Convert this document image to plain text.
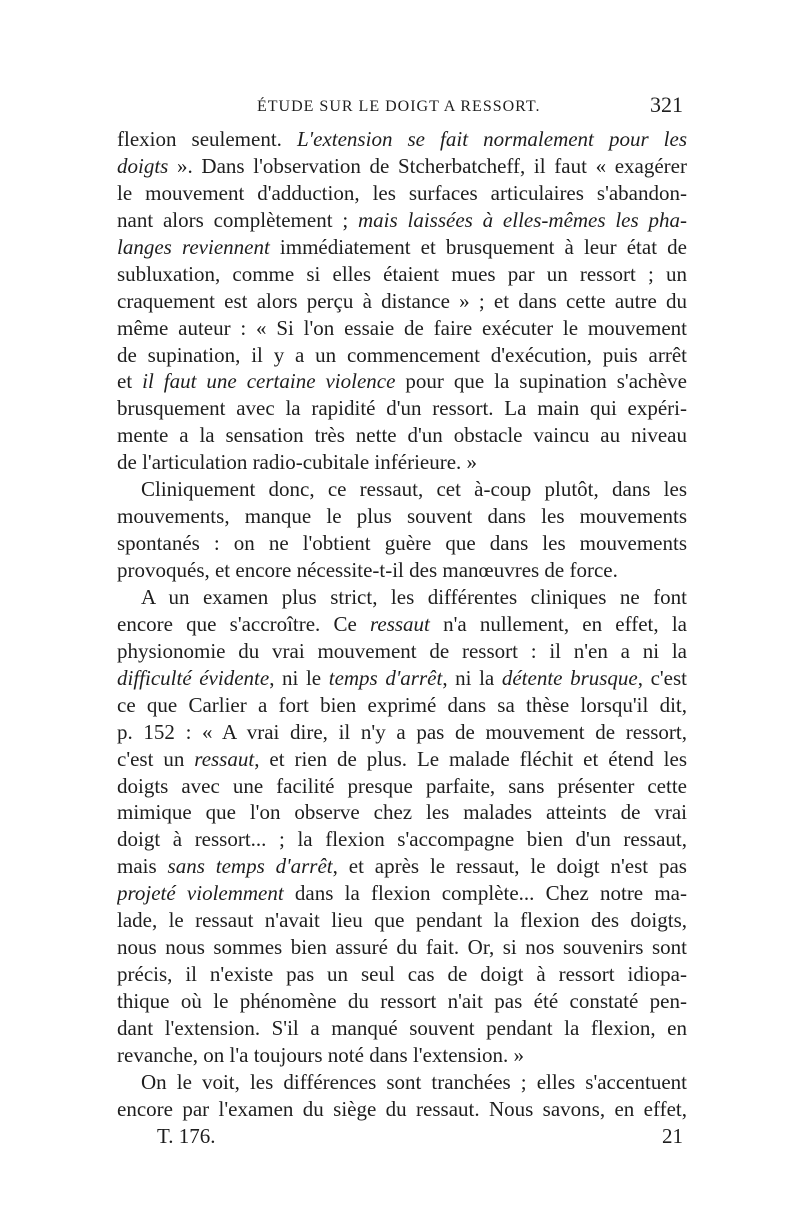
ÉTUDE SUR LE DOIGT A RESSORT.	321
flexion seulement. L'extension se fait normalement pour les
doigts ». Dans l'observation de Stcherbatcheff, il faut « exagérer
le mouvement d'adduction, les surfaces articulaires s'abandon-
nant alors complètement ; mais laissées à elles-mêmes les pha-
langes reviennent immédiatement et brusquement à leur état de
subluxation, comme si elles étaient mues par un ressort ; un
craquement est alors perçu à distance » ; et dans cette autre du
même auteur : « Si l'on essaie de faire exécuter le mouvement
de supination, il y a un commencement d'exécution, puis arrêt
et il faut une certaine violence pour que la supination s'achève
brusquement avec la rapidité d'un ressort. La main qui expéri-
mente a la sensation très nette d'un obstacle vaincu au niveau
de l'articulation radio-cubitale inférieure. »
Cliniquement donc, ce ressaut, cet à-coup plutôt, dans les
mouvements, manque le plus souvent dans les mouvements
spontanés : on ne l'obtient guère que dans les mouvements
provoqués, et encore nécessite-t-il des manœuvres de force.
A un examen plus strict, les différentes cliniques ne font
encore que s'accroître. Ce ressaut n'a nullement, en effet, la
physionomie du vrai mouvement de ressort : il n'en a ni la
difficulté évidente, ni le temps d'arrêt, ni la détente brusque, c'est
ce que Carlier a fort bien exprimé dans sa thèse lorsqu'il dit,
p. 152 : « A vrai dire, il n'y a pas de mouvement de ressort,
c'est un ressaut, et rien de plus. Le malade fléchit et étend les
doigts avec une facilité presque parfaite, sans présenter cette
mimique que l'on observe chez les malades atteints de vrai
doigt à ressort... ; la flexion s'accompagne bien d'un ressaut,
mais sans temps d'arrêt, et après le ressaut, le doigt n'est pas
projeté violemment dans la flexion complète... Chez notre ma-
lade, le ressaut n'avait lieu que pendant la flexion des doigts,
nous nous sommes bien assuré du fait. Or, si nos souvenirs sont
précis, il n'existe pas un seul cas de doigt à ressort idiopa-
thique où le phénomène du ressort n'ait pas été constaté pen-
dant l'extension. S'il a manqué souvent pendant la flexion, en
revanche, on l'a toujours noté dans l'extension. »
On le voit, les différences sont tranchées ; elles s'accentuent
encore par l'examen du siège du ressaut. Nous savons, en effet,
T. 176.	21
